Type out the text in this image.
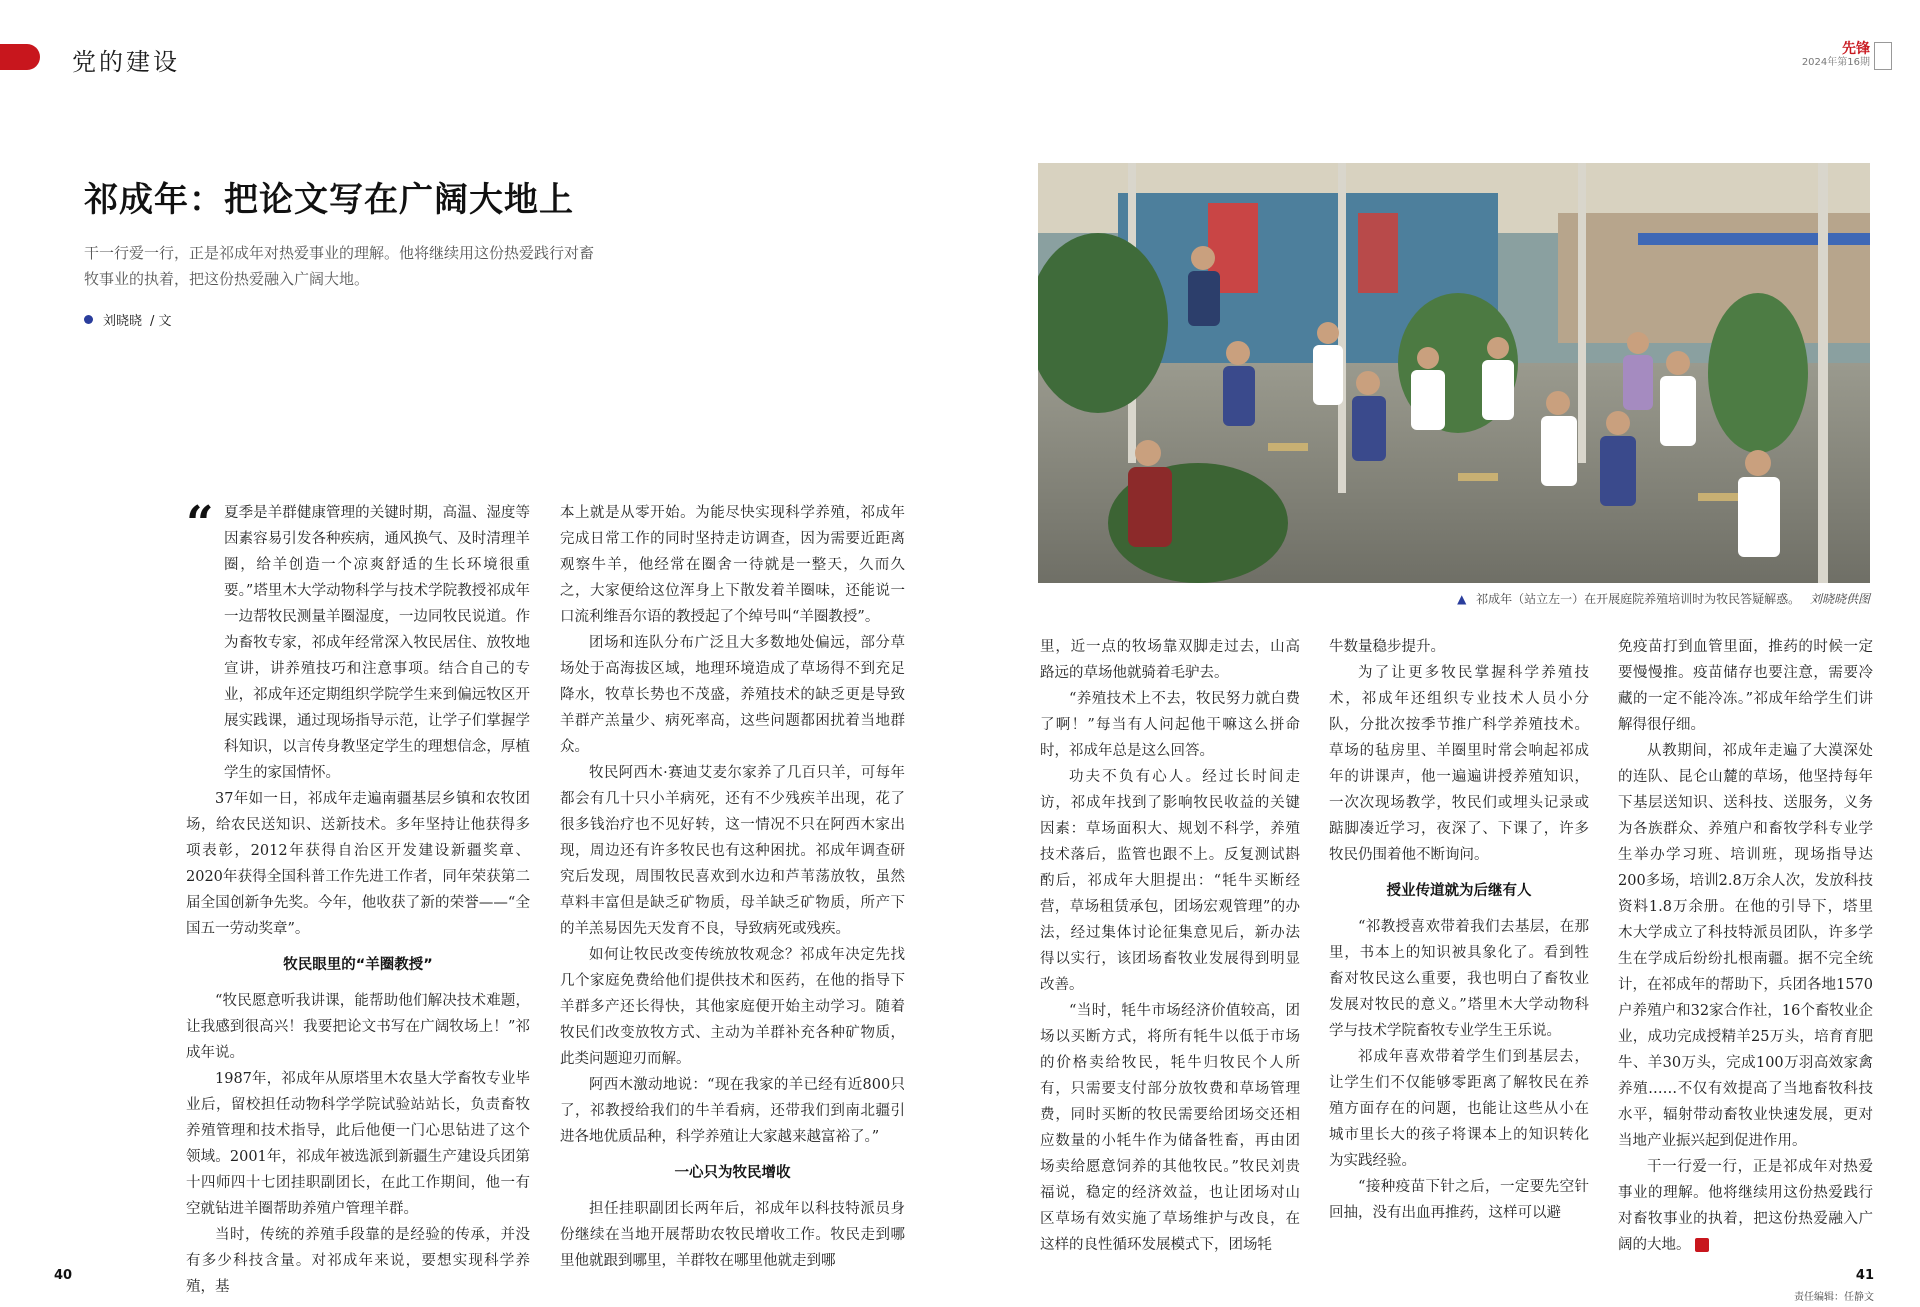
党的建设	先锋
2024年第16期
祁成年：把论文写在广阔大地上

干一行爱一行，正是祁成年对热爱事业的理解。他将继续用这份热爱践行对畜牧事业的执着，把这份热爱融入广阔大地。

刘晓晓 / 文
▲ 祁成年（站立左一）在开展庭院养殖培训时为牧民答疑解惑。 刘晓晓供图
“ 夏季是羊群健康管理的关键时期，高温、湿度等因素容易引发各种疾病，通风换气、及时清理羊圈，给羊创造一个凉爽舒适的生长环境很重要。”塔里木大学动物科学与技术学院教授祁成年一边帮牧民测量羊圈湿度，一边同牧民说道。作为畜牧专家，祁成年经常深入牧民居住、放牧地宣讲，讲养殖技巧和注意事项。结合自己的专业，祁成年还定期组织学院学生来到偏远牧区开展实践课，通过现场指导示范，让学子们掌握学科知识，以言传身教坚定学生的理想信念，厚植学生的家国情怀。

37年如一日，祁成年走遍南疆基层乡镇和农牧团场，给农民送知识、送新技术。多年坚持让他获得多项表彰，2012年获得自治区开发建设新疆奖章、2020年获得全国科普工作先进工作者，同年荣获第二届全国创新争先奖。今年，他收获了新的荣誉——“全国五一劳动奖章”。

牧民眼里的“羊圈教授”

“牧民愿意听我讲课，能帮助他们解决技术难题，让我感到很高兴！我要把论文书写在广阔牧场上！”祁成年说。

1987年，祁成年从原塔里木农垦大学畜牧专业毕业后，留校担任动物科学学院试验站站长，负责畜牧养殖管理和技术指导，此后他便一门心思钻进了这个领域。2001年，祁成年被选派到新疆生产建设兵团第十四师四十七团挂职副团长，在此工作期间，他一有空就钻进羊圈帮助养殖户管理羊群。

当时，传统的养殖手段靠的是经验的传承，并没有多少科技含量。对祁成年来说，要想实现科学养殖，基

本上就是从零开始。为能尽快实现科学养殖，祁成年完成日常工作的同时坚持走访调查，因为需要近距离观察牛羊，他经常在圈舍一待就是一整天，久而久之，大家便给这位浑身上下散发着羊圈味，还能说一口流利维吾尔语的教授起了个绰号叫“羊圈教授”。

团场和连队分布广泛且大多数地处偏远，部分草场处于高海拔区域，地理环境造成了草场得不到充足降水，牧草长势也不茂盛，养殖技术的缺乏更是导致羊群产羔量少、病死率高，这些问题都困扰着当地群众。

牧民阿西木·赛迪艾麦尔家养了几百只羊，可每年都会有几十只小羊病死，还有不少残疾羊出现，花了很多钱治疗也不见好转，这一情况不只在阿西木家出现，周边还有许多牧民也有这种困扰。祁成年调查研究后发现，周围牧民喜欢到水边和芦苇荡放牧，虽然草料丰富但是缺乏矿物质，母羊缺乏矿物质，所产下的羊羔易因先天发育不良，导致病死或残疾。

如何让牧民改变传统放牧观念？祁成年决定先找几个家庭免费给他们提供技术和医药，在他的指导下羊群多产还长得快，其他家庭便开始主动学习。随着牧民们改变放牧方式、主动为羊群补充各种矿物质，此类问题迎刃而解。

阿西木激动地说：“现在我家的羊已经有近800只了，祁教授给我们的牛羊看病，还带我们到南北疆引进各地优质品种，科学养殖让大家越来越富裕了。”

一心只为牧民增收

担任挂职副团长两年后，祁成年以科技特派员身份继续在当地开展帮助农牧民增收工作。牧民走到哪里他就跟到哪里，羊群牧在哪里他就走到哪

里，近一点的牧场靠双脚走过去，山高路远的草场他就骑着毛驴去。

“养殖技术上不去，牧民努力就白费了啊！”每当有人问起他干嘛这么拼命时，祁成年总是这么回答。

功夫不负有心人。经过长时间走访，祁成年找到了影响牧民收益的关键因素：草场面积大、规划不科学，养殖技术落后，监管也跟不上。反复测试斟酌后，祁成年大胆提出：“牦牛买断经营，草场租赁承包，团场宏观管理”的办法，经过集体讨论征集意见后，新办法得以实行，该团场畜牧业发展得到明显改善。

“当时，牦牛市场经济价值较高，团场以买断方式，将所有牦牛以低于市场的价格卖给牧民，牦牛归牧民个人所有，只需要支付部分放牧费和草场管理费，同时买断的牧民需要给团场交还相应数量的小牦牛作为储备牲畜，再由团场卖给愿意饲养的其他牧民。”牧民刘贵福说，稳定的经济效益，也让团场对山区草场有效实施了草场维护与改良，在这样的良性循环发展模式下，团场牦

牛数量稳步提升。

为了让更多牧民掌握科学养殖技术，祁成年还组织专业技术人员小分队，分批次按季节推广科学养殖技术。草场的毡房里、羊圈里时常会响起祁成年的讲课声，他一遍遍讲授养殖知识，一次次现场教学，牧民们或埋头记录或踮脚凑近学习，夜深了、下课了，许多牧民仍围着他不断询问。

授业传道就为后继有人

“祁教授喜欢带着我们去基层，在那里，书本上的知识被具象化了。看到牲畜对牧民这么重要，我也明白了畜牧业发展对牧民的意义。”塔里木大学动物科学与技术学院畜牧专业学生王乐说。

祁成年喜欢带着学生们到基层去，让学生们不仅能够零距离了解牧民在养殖方面存在的问题，也能让这些从小在城市里长大的孩子将课本上的知识转化为实践经验。

“接种疫苗下针之后，一定要先空针回抽，没有出血再推药，这样可以避

免疫苗打到血管里面，推药的时候一定要慢慢推。疫苗储存也要注意，需要冷藏的一定不能冷冻。”祁成年给学生们讲解得很仔细。

从教期间，祁成年走遍了大漠深处的连队、昆仑山麓的草场，他坚持每年下基层送知识、送科技、送服务，义务为各族群众、养殖户和畜牧学科专业学生举办学习班、培训班，现场指导达200多场，培训2.8万余人次，发放科技资料1.8万余册。在他的引导下，塔里木大学成立了科技特派员团队，许多学生在学成后纷纷扎根南疆。据不完全统计，在祁成年的帮助下，兵团各地1570户养殖户和32家合作社，16个畜牧业企业，成功完成授精羊25万头，培育育肥牛、羊30万头，完成100万羽高效家禽养殖……不仅有效提高了当地畜牧科技水平，辐射带动畜牧业快速发展，更对当地产业振兴起到促进作用。

干一行爱一行，正是祁成年对热爱事业的理解。他将继续用这份热爱践行对畜牧事业的执着，把这份热爱融入广阔的大地。

40	41
责任编辑：任静文
